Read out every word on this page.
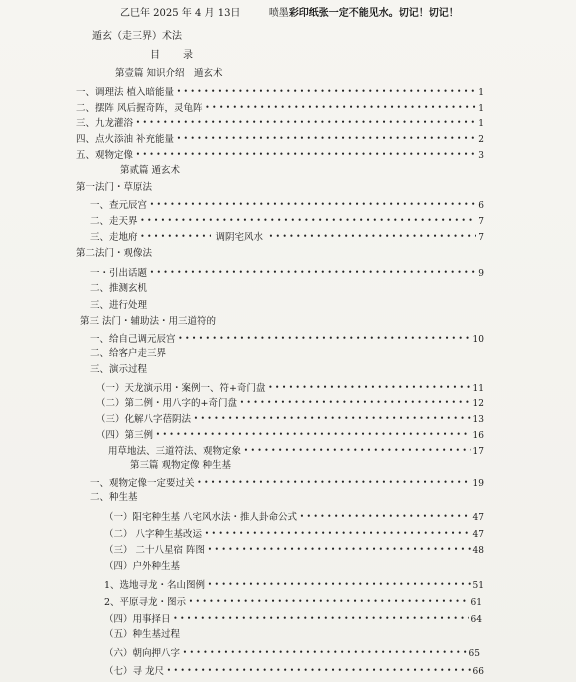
乙巳年 2025 年 4 月 13日	喷墨彩印纸张一定不能见水。切记！切记！
遁玄（走三界）术法
目　　录
第壹篇 知识介绍　遁玄术
一、调理法 植入暗能量 •••••	1
二、摆阵 风后握奇阵，灵龟阵 •••••	1
三、九龙灌浴 •••••	1
四、点火添油 补充能量 •••••	2
五、观物定像 •••••	3
第贰篇 遁玄术
第一法门・草原法
一、查元辰宫 •••••	6
二、走天界 •••••	7
三、走地府 •••••	调阴宅风水 •••••	7
第二法门・观像法
一・引出话题 •••••	9
二、推测玄机
三、进行处理
第三 法门・辅助法・用三道符的
一、给自己调元辰宫 •••••	10
二、给客户走三界
三、演示过程
（一）天龙演示用・案例一、符+奇门盘 •••••	11
（二）第二例・用八字的+奇门盘 •••••	12
（三）化解八字蓓阴法 •••••	13
（四）第三例 •••••	16
用草地法、三道符法、观物定象 •••••	17
第三篇 观物定像 种生基
一、观物定像一定要过关 •••••	19
二、种生基
（一）阳宅种生基 八宅风水法・推人卦命公式 •••••	47
（二） 八字种生基改运 •••••	47
（三） 二十八星宿 阵图 •••••	48
（四）户外种生基
1、选地寻龙・名山图例 •••••	51
2、平原寻龙・图示 •••••	61
（四）用事择日 •••••	64
（五）种生基过程
（六）朝向押八字 •••••	65
（七）寻 龙尺 •••••	66
